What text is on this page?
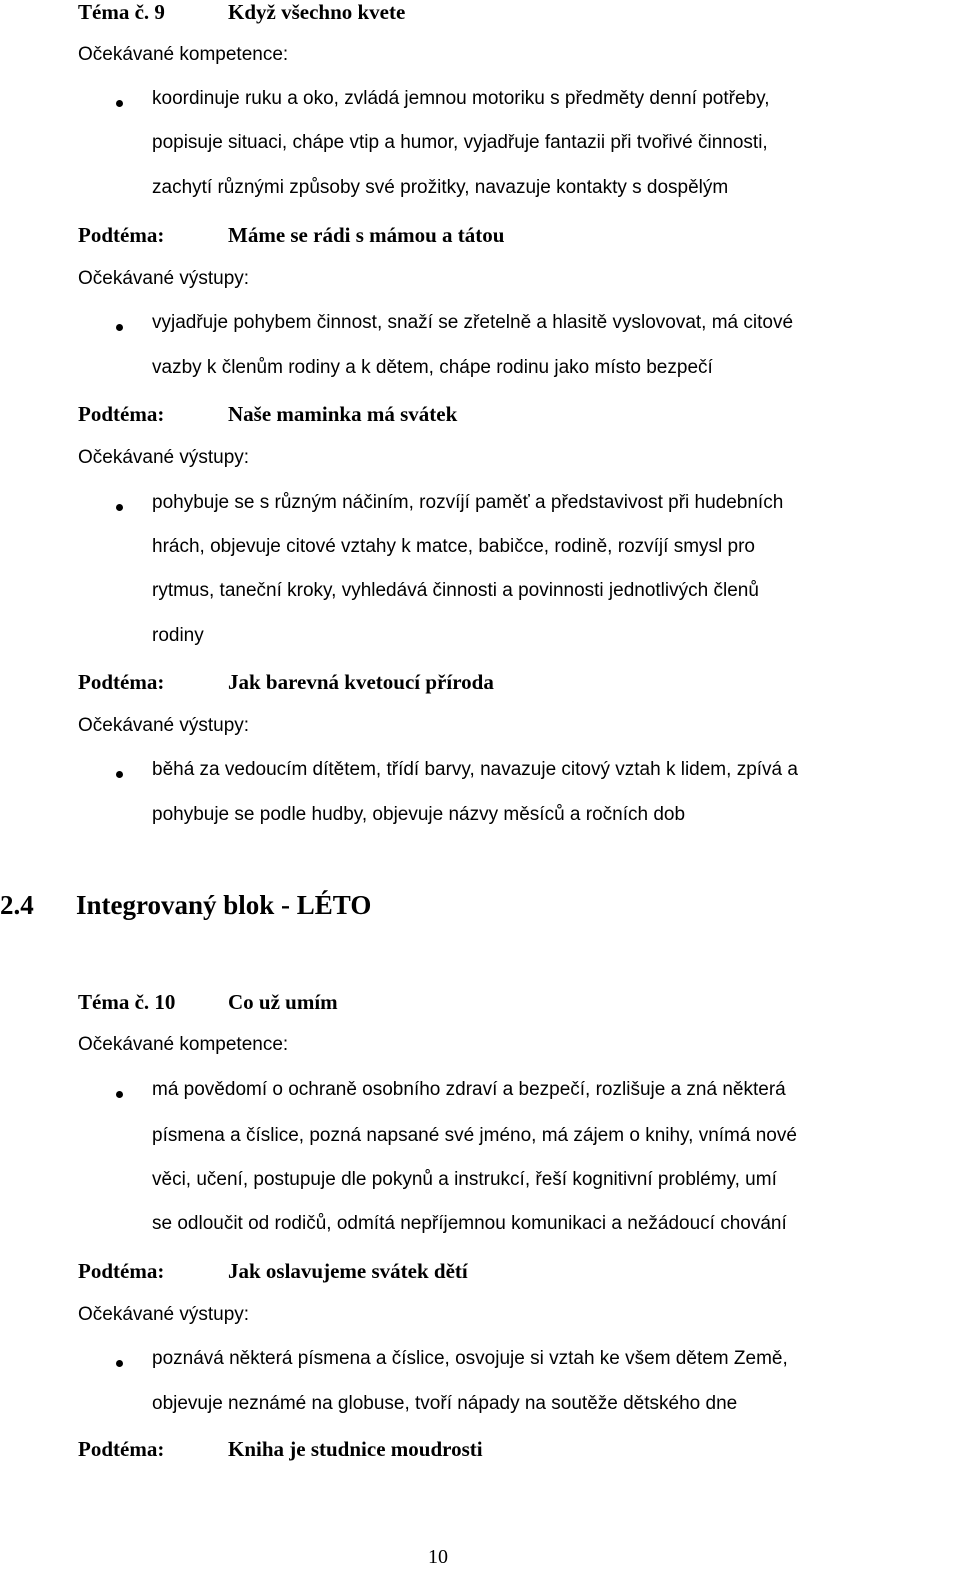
Téma č. 9	Když všechno kvete
Očekávané kompetence:
koordinuje ruku a oko, zvládá jemnou motoriku s předměty denní potřeby,
popisuje situaci, chápe vtip a humor, vyjadřuje fantazii při tvořivé činnosti,
zachytí různými způsoby své prožitky, navazuje kontakty s dospělým
Podtéma:	Máme se rádi s mámou a tátou
Očekávané výstupy:
vyjadřuje pohybem činnost, snaží se zřetelně a hlasitě vyslovovat, má citové
vazby k členům rodiny a k dětem, chápe rodinu jako místo bezpečí
Podtéma:	Naše maminka má svátek
Očekávané výstupy:
pohybuje se s různým náčiním, rozvíjí paměť a představivost při hudebních
hrách, objevuje citové vztahy k matce, babičce, rodině, rozvíjí smysl pro
rytmus, taneční kroky, vyhledává činnosti a povinnosti jednotlivých členů
rodiny
Podtéma:	Jak barevná kvetoucí příroda
Očekávané výstupy:
běhá za vedoucím dítětem, třídí barvy, navazuje citový vztah k lidem, zpívá a
pohybuje se podle hudby, objevuje názvy měsíců a ročních dob
2.4 Integrovaný blok - LÉTO
Téma č. 10	Co už umím
Očekávané kompetence:
má povědomí o ochraně osobního zdraví a bezpečí, rozlišuje a zná některá
písmena a číslice, pozná napsané své jméno, má zájem o knihy, vnímá nové
věci, učení, postupuje dle pokynů a instrukcí, řeší kognitivní problémy, umí
se odloučit od rodičů, odmítá nepříjemnou komunikaci a nežádoucí chování
Podtéma:	Jak oslavujeme svátek dětí
Očekávané výstupy:
poznává některá písmena a číslice, osvojuje si vztah ke všem dětem Země,
objevuje neznámé na globuse, tvoří nápady na soutěže dětského dne
Podtéma:	Kniha je studnice moudrosti
10
